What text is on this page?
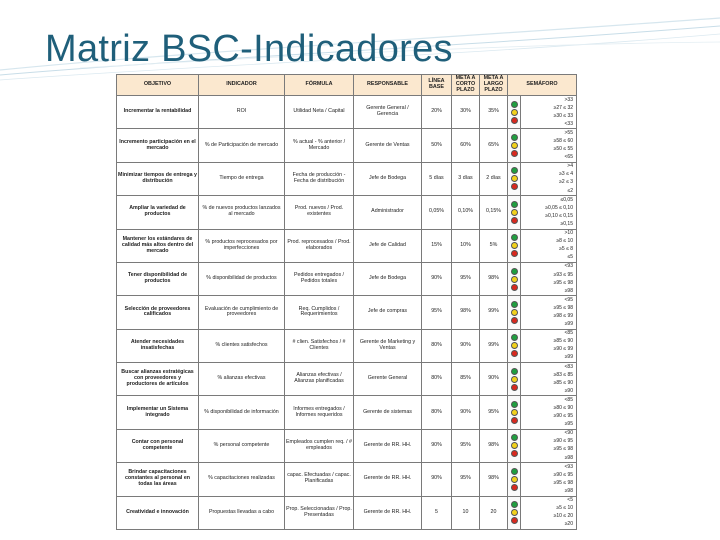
Matriz BSC-Indicadores
OBJETIVO	INDICADOR	FÓRMULA	RESPONSABLE	LÍNEA BASE	META A CORTO PLAZO	META A LARGO PLAZO	SEMÁFORO	
Incrementar la rentabilidad	ROI	Utilidad Neta / Capital	Gerente General / Gerencia	20%	30%	35%		>33
≥27 ≤ 32
≥30 ≤ 33
<33

Incremento participación en el mercado	% de Participación de mercado	% actual - % anterior / Mercado	Gerente de Ventas	50%	60%	65%		>55
≥58 ≤ 60
≥50 ≤ 55
<65

Minimizar tiempos de entrega y distribución	Tiempo de entrega	Fecha de producción - Fecha de distribución	Jefe de Bodega	5 días	3 días	2 días		>4
≥3 ≤ 4
≥2 ≤ 3
≤2

Ampliar la variedad de productos	% de nuevos productos lanzados al mercado	Prod. nuevos / Prod. existentes	Administrador	0,05%	0,10%	0,15%		≤0,05
≥0,05 ≤ 0,10
≥0,10 ≤ 0,15
≥0,15

Mantener los estándares de calidad más altos dentro del mercado	% productos reprocesados por imperfecciones	Prod. reprocesados / Prod. elaborados	Jefe de Calidad	15%	10%	5%		>10
≥8 ≤ 10
≥5 ≤ 8
≤5

Tener disponibilidad de productos	% disponibilidad de productos	Pedidos entregados / Pedidos totales	Jefe de Bodega	90%	95%	98%		<93
≥93 ≤ 95
≥95 ≤ 98
≥98

Selección de proveedores calificados	Evaluación de cumplimiento de proveedores	Req. Cumplidos / Requerimientos	Jefe de compras	95%	98%	99%		<95
≥95 ≤ 98
≥98 ≤ 99
≥99

Atender necesidades insatisfechas	% clientes satisfechos	# clien. Satisfechos / # Clientes	Gerente de Marketing y Ventas	80%	90%	99%		<85
≥85 ≤ 90
≥90 ≤ 99
≥99

Buscar alianzas estratégicas con proveedores y productores de artículos	% alianzas efectivas	Alianzas efectivas / Alianzas planificadas	Gerente General	80%	85%	90%		<83
≥83 ≤ 85
≥85 ≤ 90
≥90

Implementar un Sistema integrado	% disponibilidad de información	Informes entregados / Informes requeridos	Gerente de sistemas	80%	90%	95%		<85
≥80 ≤ 90
≥90 ≤ 95
≥95

Contar con personal competente	% personal competente	Empleados cumplen req. / # empleados	Gerente de RR. HH.	90%	95%	98%		<90
≥90 ≤ 95
≥95 ≤ 98
≥98

Brindar capacitaciones constantes al personal en todas las áreas	% capacitaciones realizadas	capac. Efectuadas / capac. Planificadas	Gerente de RR. HH.	90%	95%	98%		<93
≥90 ≤ 95
≥95 ≤ 98
≥98

Creatividad e innovación	Propuestas llevadas a cabo	Prop. Seleccionadas / Prop. Presentadas	Gerente de RR. HH.	5	10	20		<5
≥5 ≤ 10
≥10 ≤ 20
≥20
